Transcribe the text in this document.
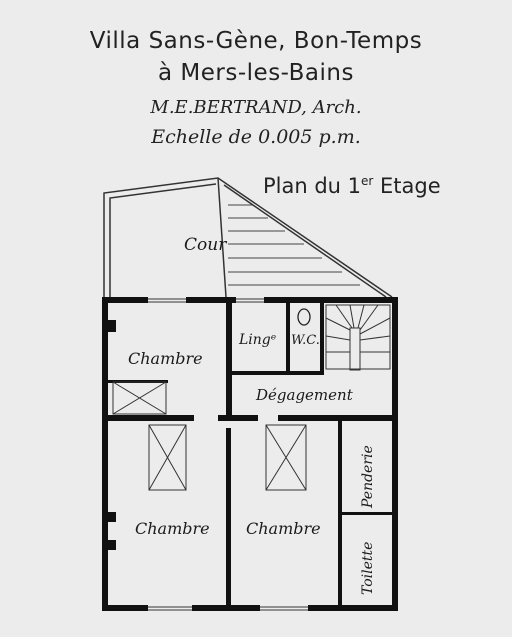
Villa Sans-Gène, Bon-Temps
à Mers-les-Bains
M.E.BERTRAND, Arch.
Echelle de 0.005 p.m.
Plan du 1er Etage
Cour
Chambre
Lingᵉ W.C.
Dégagement
Chambre Chambre
Penderie
Toilette
